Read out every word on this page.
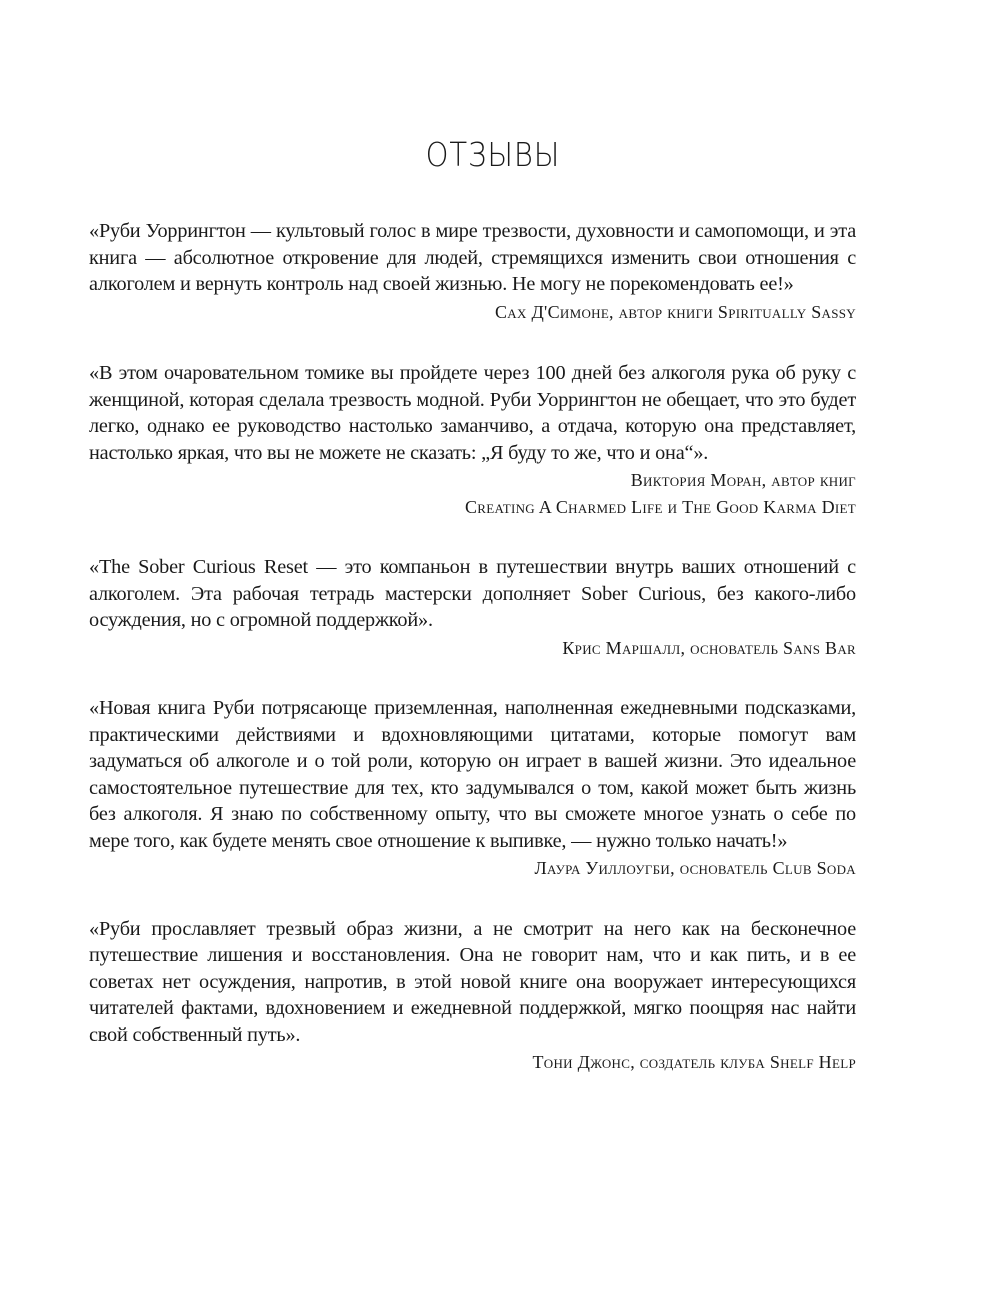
ОТЗЫВЫ

«Руби Уоррингтон — культовый голос в мире трезвости, духовности и самопомощи, и эта книга — абсолютное откровение для людей, стремящихся изменить свои отношения с алкоголем и вернуть контроль над своей жизнью. Не могу не порекомендовать ее!»

Сах Д'Симоне, автор книги Spiritually Sassy

«В этом очаровательном томике вы пройдете через 100 дней без алкоголя рука об руку с женщиной, которая сделала трезвость модной. Руби Уоррингтон не обещает, что это будет легко, однако ее руководство настолько заманчиво, а отдача, которую она представляет, настолько яркая, что вы не можете не сказать: „Я буду то же, что и она“».

Виктория Моран, автор книг
Creating A Charmed Life и The Good Karma Diet

«The Sober Curious Reset — это компаньон в путешествии внутрь ваших отношений с алкоголем. Эта рабочая тетрадь мастерски дополняет Sober Curious, без какого-либо осуждения, но с огромной поддержкой».

Крис Маршалл, основатель Sans Bar

«Новая книга Руби потрясающе приземленная, наполненная ежедневными подсказками, практическими действиями и вдохновляющими цитатами, которые помогут вам задуматься об алкоголе и о той роли, которую он играет в вашей жизни. Это идеальное самостоятельное путешествие для тех, кто задумывался о том, какой может быть жизнь без алкоголя. Я знаю по собственному опыту, что вы сможете многое узнать о себе по мере того, как будете менять свое отношение к выпивке, — нужно только начать!»

Лаура Уиллоугби, основатель Club Soda

«Руби прославляет трезвый образ жизни, а не смотрит на него как на бесконечное путешествие лишения и восстановления. Она не говорит нам, что и как пить, и в ее советах нет осуждения, напротив, в этой новой книге она вооружает интересующихся читателей фактами, вдохновением и ежедневной поддержкой, мягко поощряя нас найти свой собственный путь».

Тони Джонс, создатель клуба Shelf Help
